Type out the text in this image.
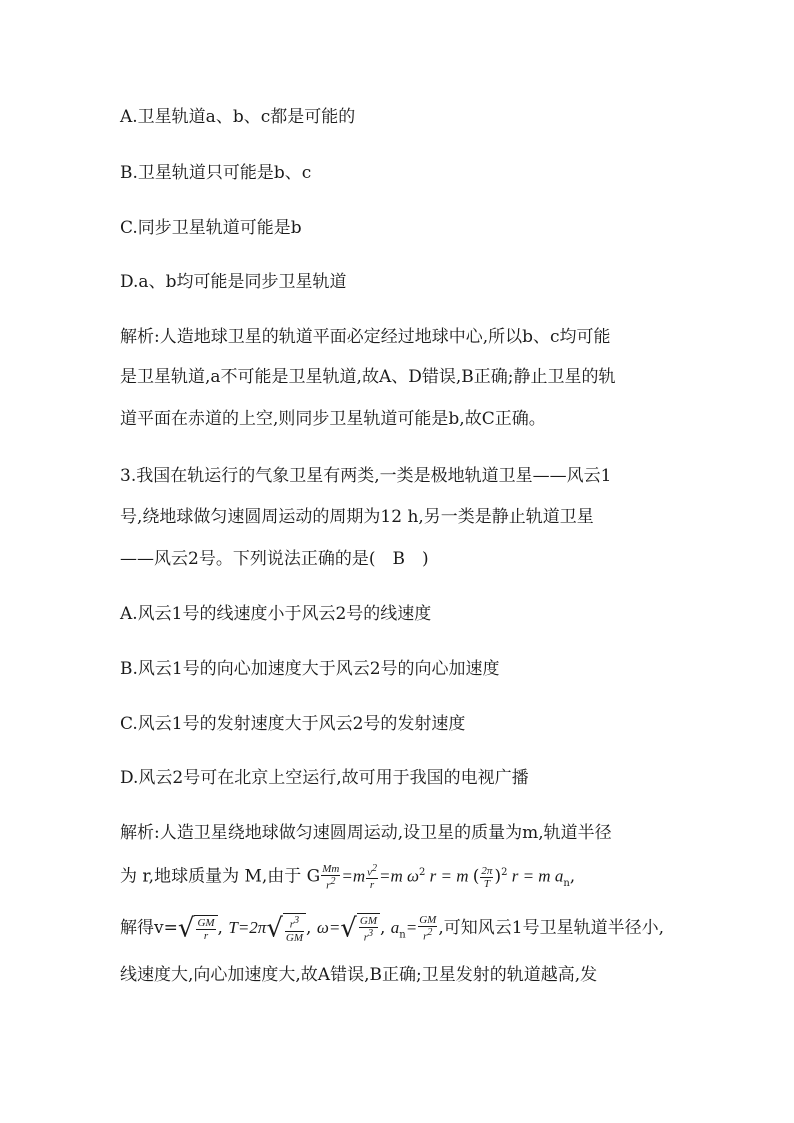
A.卫星轨道a、b、c都是可能的
B.卫星轨道只可能是b、c
C.同步卫星轨道可能是b
D.a、b均可能是同步卫星轨道
解析:人造地球卫星的轨道平面必定经过地球中心,所以b、c均可能
是卫星轨道,a不可能是卫星轨道,故A、D错误,B正确;静止卫星的轨
道平面在赤道的上空,则同步卫星轨道可能是b,故C正确。
3.我国在轨运行的气象卫星有两类,一类是极地轨道卫星——风云1
号,绕地球做匀速圆周运动的周期为12 h,另一类是静止轨道卫星
——风云2号。下列说法正确的是(　B　)
A.风云1号的线速度小于风云2号的线速度
B.风云1号的向心加速度大于风云2号的向心加速度
C.风云1号的发射速度大于风云2号的发射速度
D.风云2号可在北京上空运行,故可用于我国的电视广播
解析:人造卫星绕地球做匀速圆周运动,设卫星的质量为m,轨道半径
为 r,地球质量为 M,由于 G $\frac{Mm}{r^2} =m \frac{v^2}{r} =m$ $\omega^2$ r = m ( $\frac{2\pi}{T} )^2$ r = m $a_n$,
解得$v=√ \frac{GM}{r}$ , $T=2\pi√ \frac{r^3}{GM}$ , $\omega=√ \frac{GM}{r^3}$ , $a_n= \frac{GM}{r^2}$ ,可知风云1号卫星轨道半径小,
线速度大,向心加速度大,故A错误,B正确;卫星发射的轨道越高,发
